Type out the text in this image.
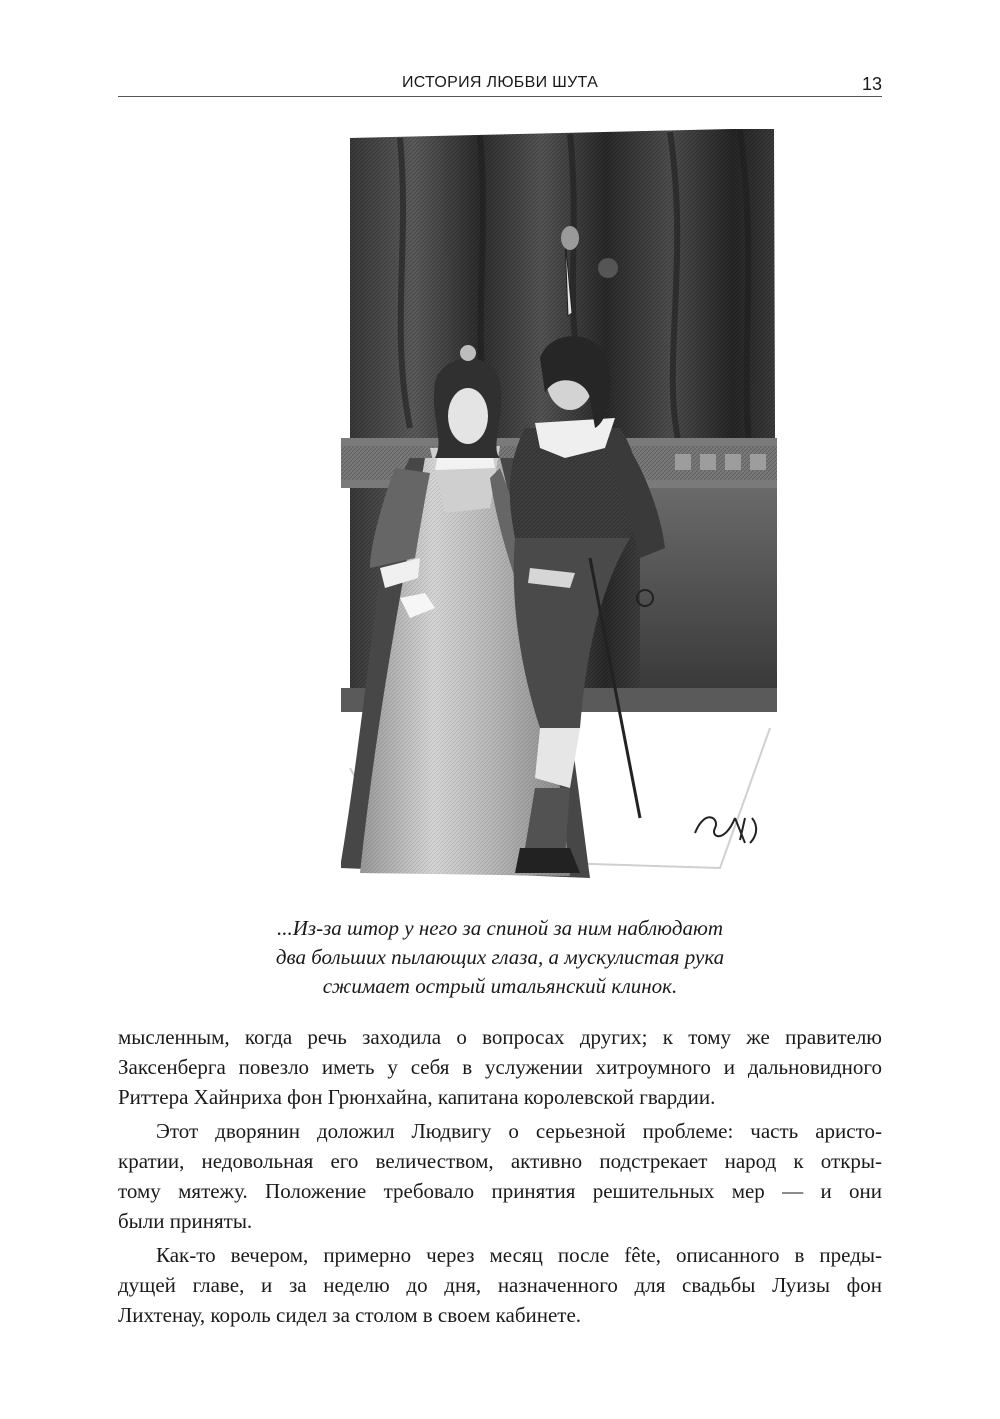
ИСТОРИЯ ЛЮБВИ ШУТА	13
...Из-за штор у него за спиной за ним наблюдают
два больших пылающих глаза, а мускулистая рука
сжимает острый итальянский клинок.

мысленным, когда речь заходила о вопросах других; к тому же правителю
Заксенберга повезло иметь у себя в услужении хитроумного и дальновидного
Риттера Хайнриха фон Грюнхайна, капитана королевской гвардии.

Этот дворянин доложил Людвигу о серьезной проблеме: часть аристо-
кратии, недовольная его величеством, активно подстрекает народ к откры-
тому мятежу. Положение требовало принятия решительных мер — и они
были приняты.

Как-то вечером, примерно через месяц после fête, описанного в преды-
дущей главе, и за неделю до дня, назначенного для свадьбы Луизы фон
Лихтенау, король сидел за столом в своем кабинете.
